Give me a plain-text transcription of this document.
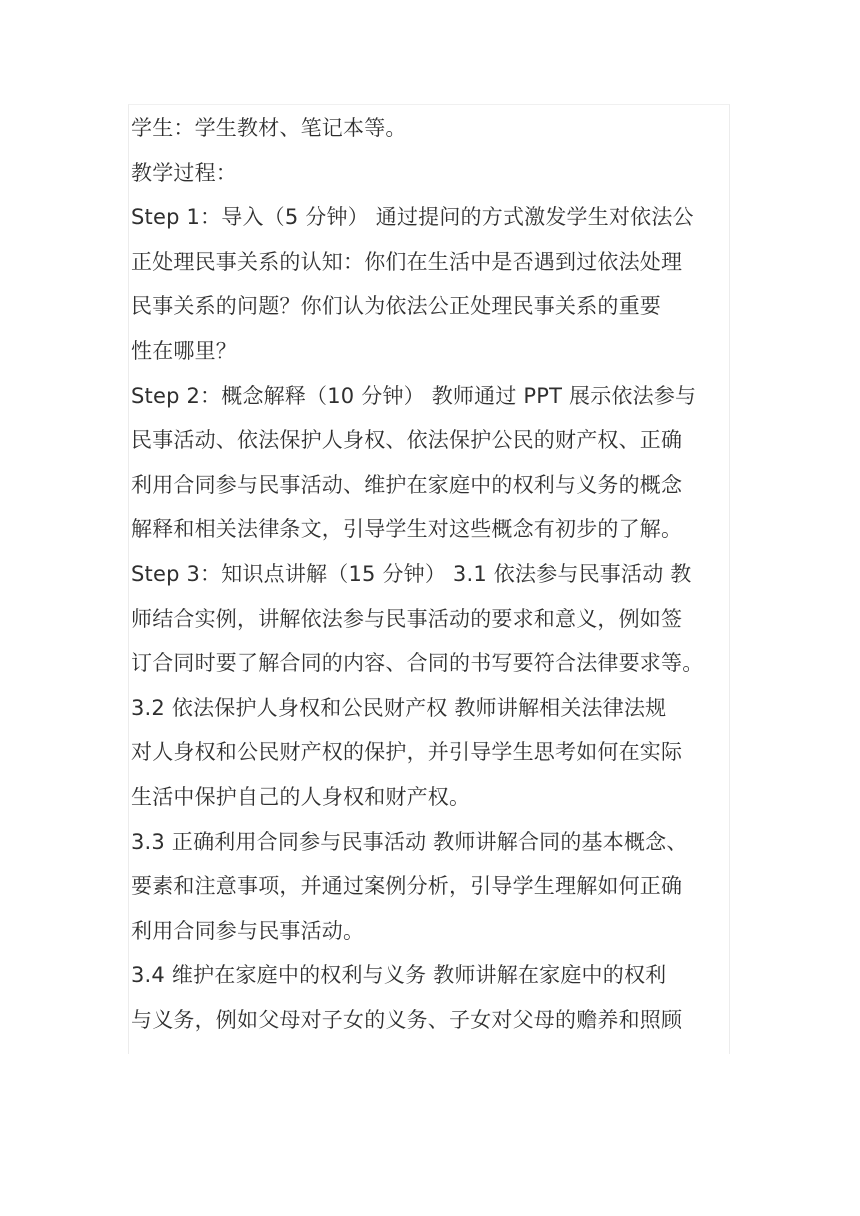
学生：学生教材、笔记本等。
教学过程：
Step 1：导入（5 分钟） 通过提问的方式激发学生对依法公
正处理民事关系的认知：你们在生活中是否遇到过依法处理
民事关系的问题？你们认为依法公正处理民事关系的重要
性在哪里？
Step 2：概念解释（10 分钟） 教师通过 PPT 展示依法参与
民事活动、依法保护人身权、依法保护公民的财产权、正确
利用合同参与民事活动、维护在家庭中的权利与义务的概念
解释和相关法律条文，引导学生对这些概念有初步的了解。
Step 3：知识点讲解（15 分钟） 3.1 依法参与民事活动 教
师结合实例，讲解依法参与民事活动的要求和意义，例如签
订合同时要了解合同的内容、合同的书写要符合法律要求等。
3.2 依法保护人身权和公民财产权 教师讲解相关法律法规
对人身权和公民财产权的保护，并引导学生思考如何在实际
生活中保护自己的人身权和财产权。
3.3 正确利用合同参与民事活动 教师讲解合同的基本概念、
要素和注意事项，并通过案例分析，引导学生理解如何正确
利用合同参与民事活动。
3.4 维护在家庭中的权利与义务 教师讲解在家庭中的权利
与义务，例如父母对子女的义务、子女对父母的赡养和照顾
